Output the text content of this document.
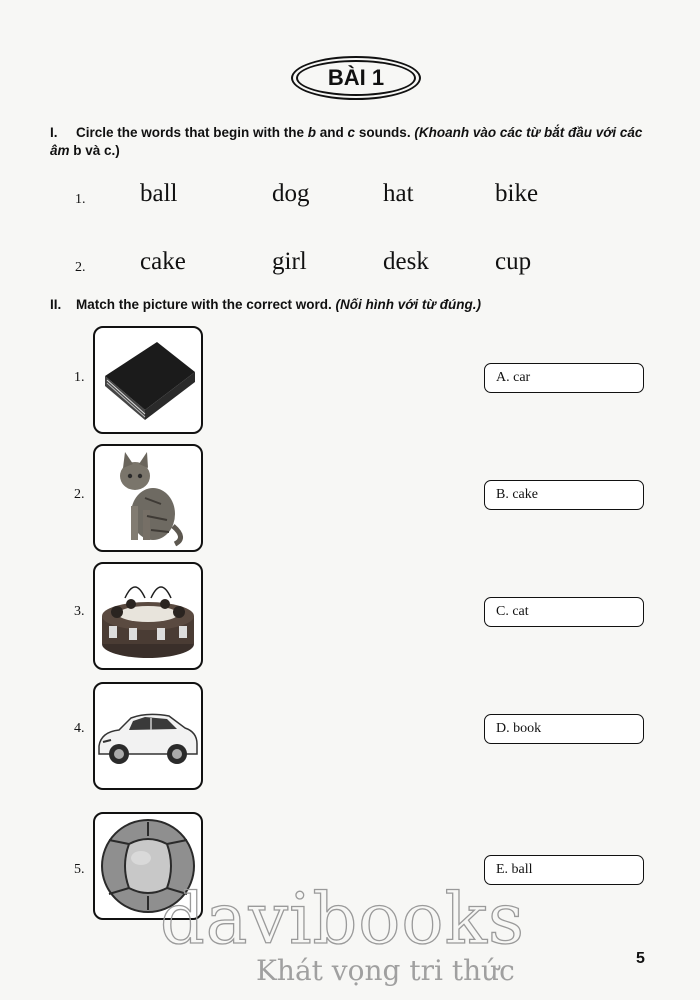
BÀI 1
I. Circle the words that begin with the b and c sounds. (Khoanh vào các từ bắt đầu với các âm b và c.)
1. ball	dog	hat	bike
2. cake	girl	desk	cup
II. Match the picture with the correct word. (Nối hình với từ đúng.)
1.	A. car
2.	B. cake
3.	C. cat
4.	D. book
5.	E. ball
davibooks
Khát vọng tri thức	5
